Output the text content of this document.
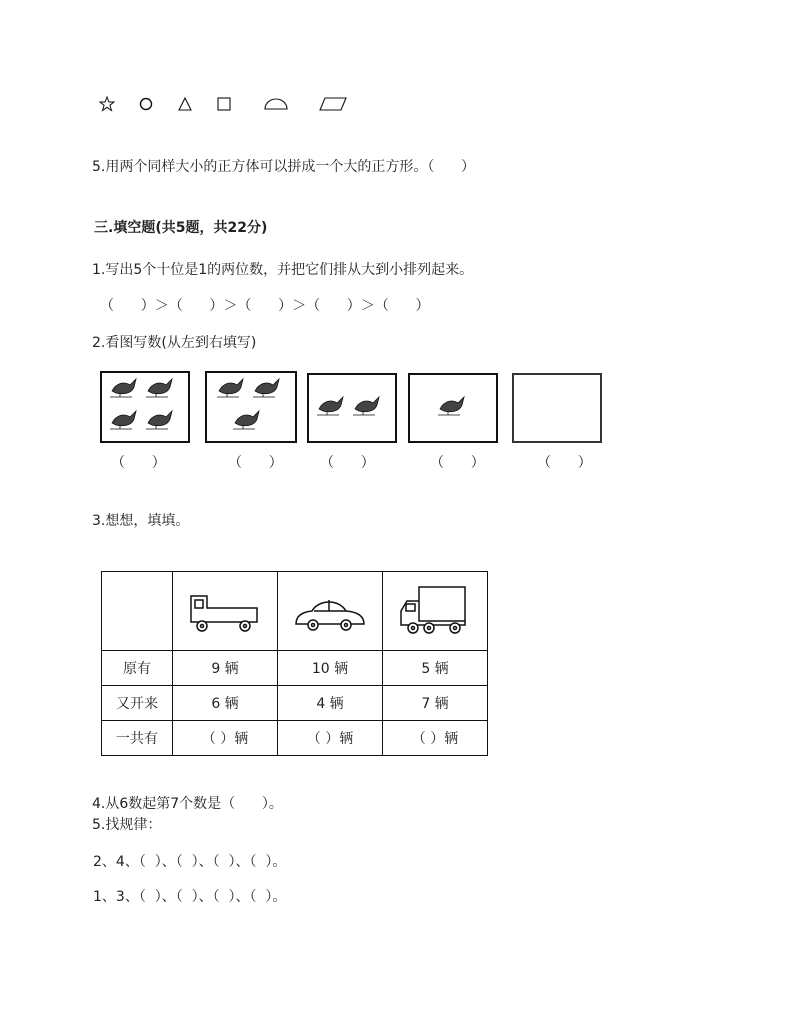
5.用两个同样大小的正方体可以拼成一个大的正方形。（      ）
三.填空题(共5题，共22分)
1.写出5个十位是1的两位数，并把它们排从大到小排列起来。
（      ）＞（      ）＞（      ）＞（      ）＞（      ）
2.看图写数(从左到右填写)
（      ）	（      ）	（      ）	（      ）	（      ）
3.想想，填填。

原有	9 辆	10 辆	5 辆
又开来	6 辆	4 辆	7 辆
一共有	（ ）辆	（ ）辆	（ ）辆
4.从6数起第7个数是（      ）。
5.找规律：
2、4、（  ）、（  ）、（  ）、（  ）。
1、3、（  ）、（  ）、（  ）、（  ）。
